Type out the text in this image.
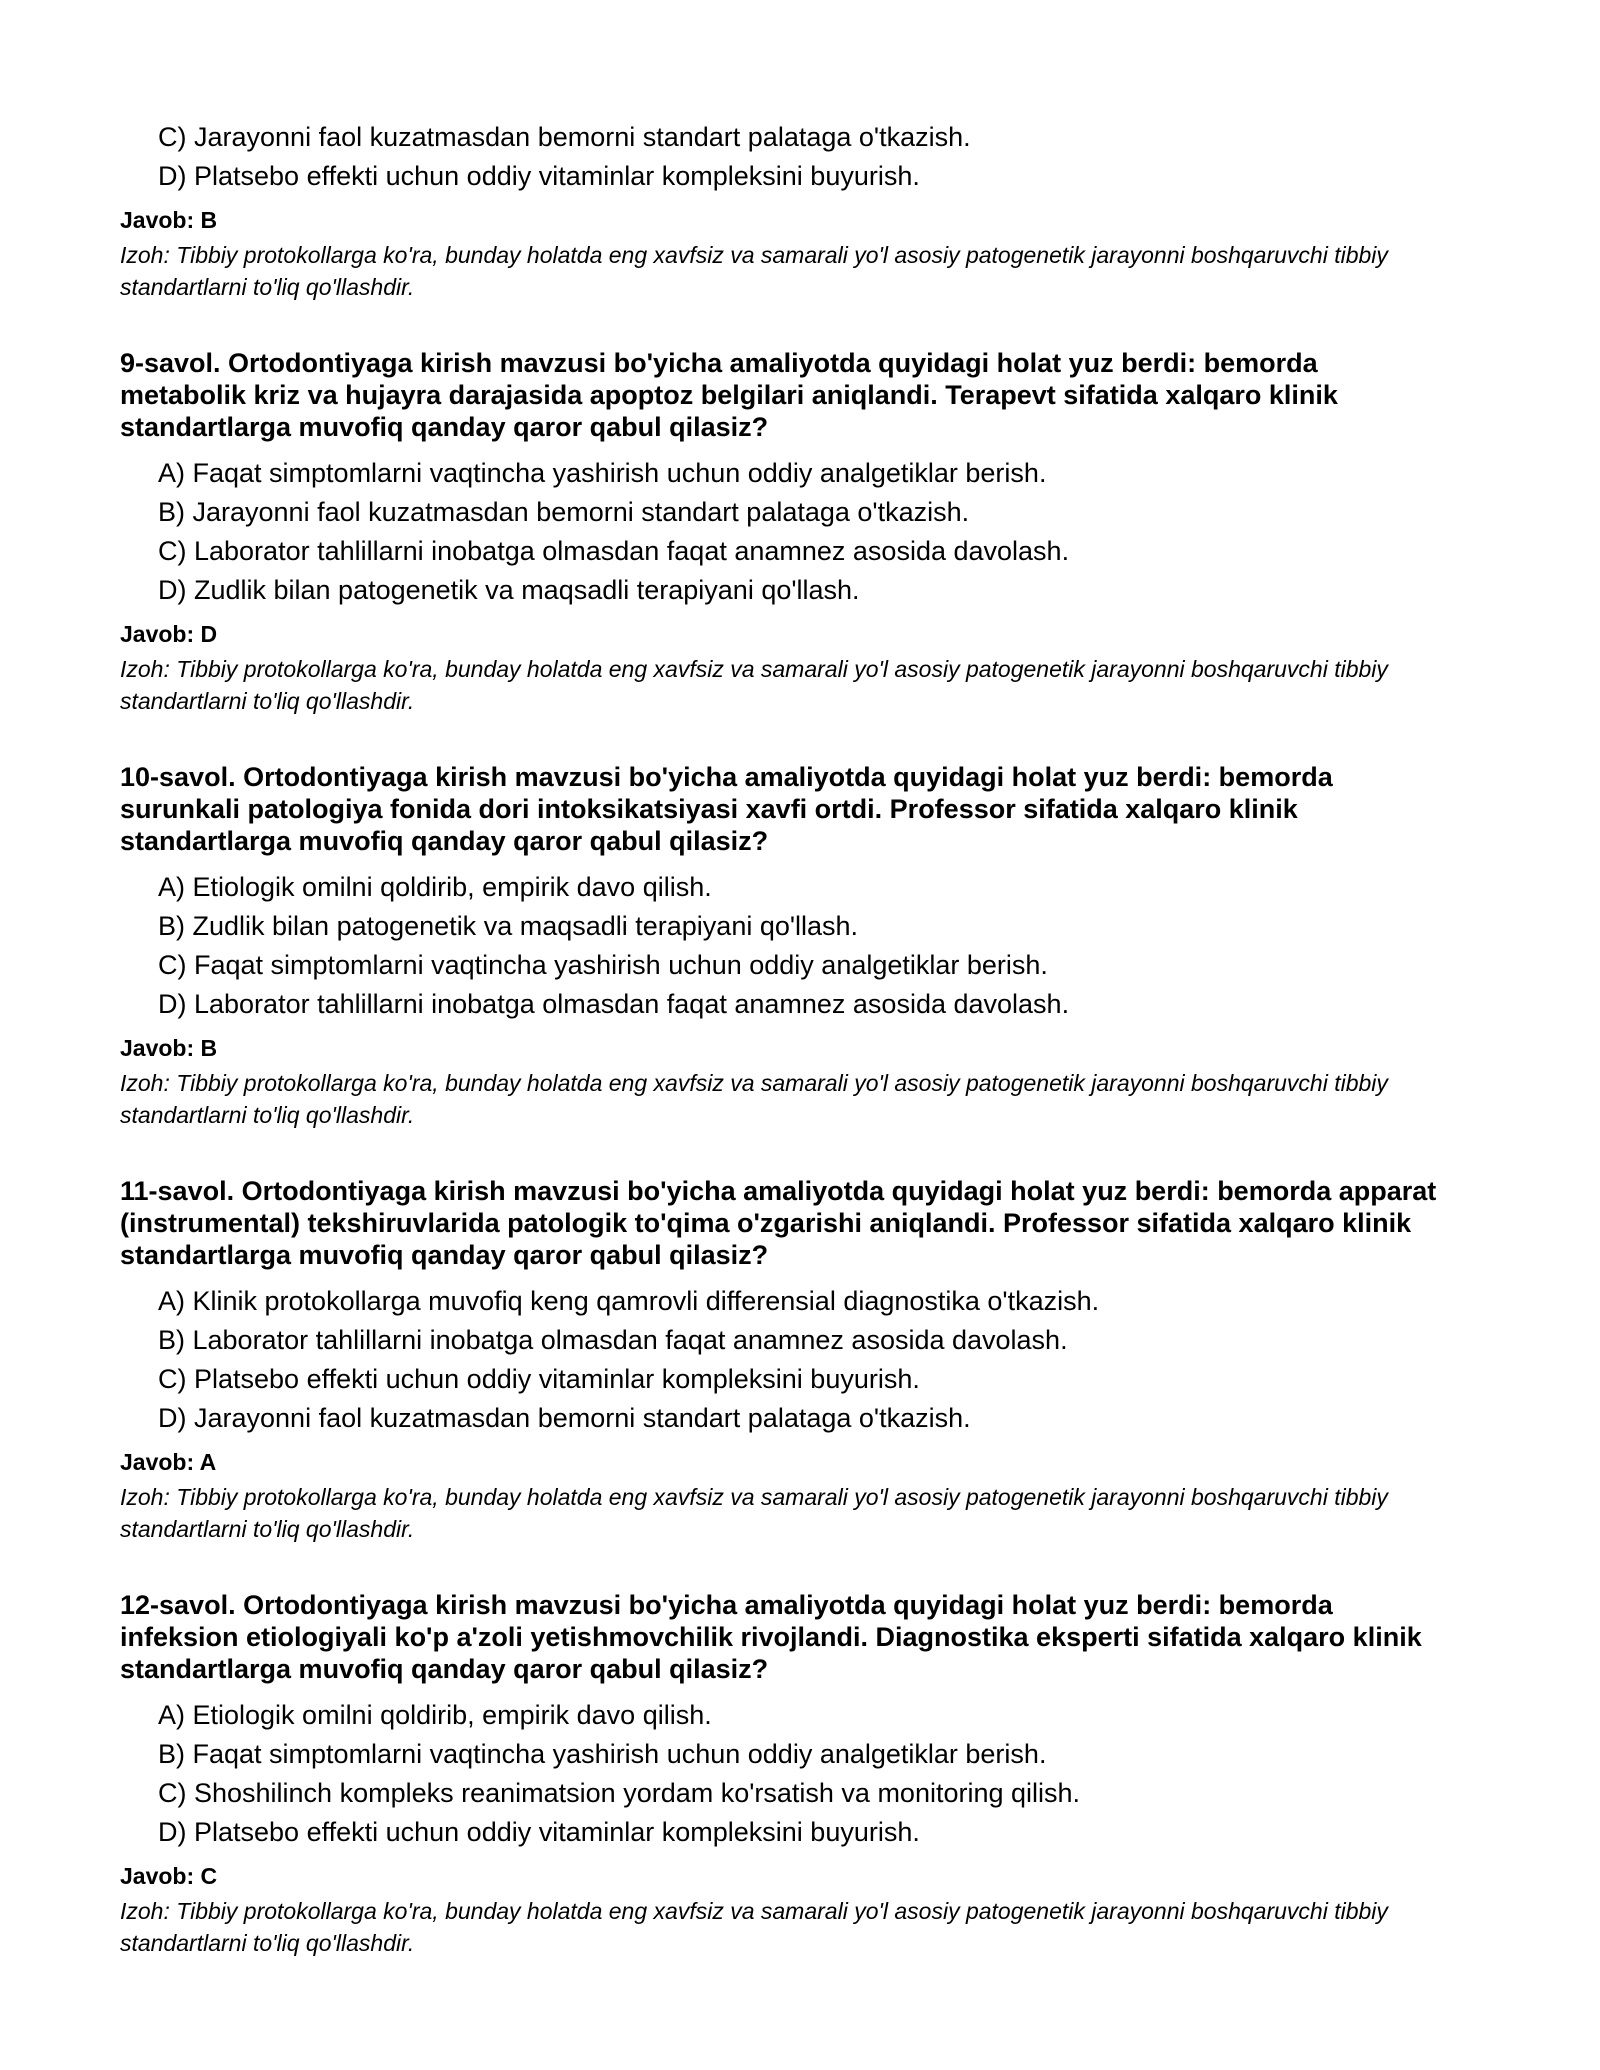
C) Jarayonni faol kuzatmasdan bemorni standart palataga o'tkazish.
D) Platsebo effekti uchun oddiy vitaminlar kompleksini buyurish.
Javob: B
Izoh: Tibbiy protokollarga ko'ra, bunday holatda eng xavfsiz va samarali yo'l asosiy patogenetik jarayonni boshqaruvchi tibbiy standartlarni to'liq qo'llashdir.
9-savol. Ortodontiyaga kirish mavzusi bo'yicha amaliyotda quyidagi holat yuz berdi: bemorda metabolik kriz va hujayra darajasida apoptoz belgilari aniqlandi. Terapevt sifatida xalqaro klinik standartlarga muvofiq qanday qaror qabul qilasiz?
A) Faqat simptomlarni vaqtincha yashirish uchun oddiy analgetiklar berish.
B) Jarayonni faol kuzatmasdan bemorni standart palataga o'tkazish.
C) Laborator tahlillarni inobatga olmasdan faqat anamnez asosida davolash.
D) Zudlik bilan patogenetik va maqsadli terapiyani qo'llash.
Javob: D
Izoh: Tibbiy protokollarga ko'ra, bunday holatda eng xavfsiz va samarali yo'l asosiy patogenetik jarayonni boshqaruvchi tibbiy standartlarni to'liq qo'llashdir.
10-savol. Ortodontiyaga kirish mavzusi bo'yicha amaliyotda quyidagi holat yuz berdi: bemorda surunkali patologiya fonida dori intoksikatsiyasi xavfi ortdi. Professor sifatida xalqaro klinik standartlarga muvofiq qanday qaror qabul qilasiz?
A) Etiologik omilni qoldirib, empirik davo qilish.
B) Zudlik bilan patogenetik va maqsadli terapiyani qo'llash.
C) Faqat simptomlarni vaqtincha yashirish uchun oddiy analgetiklar berish.
D) Laborator tahlillarni inobatga olmasdan faqat anamnez asosida davolash.
Javob: B
Izoh: Tibbiy protokollarga ko'ra, bunday holatda eng xavfsiz va samarali yo'l asosiy patogenetik jarayonni boshqaruvchi tibbiy standartlarni to'liq qo'llashdir.
11-savol. Ortodontiyaga kirish mavzusi bo'yicha amaliyotda quyidagi holat yuz berdi: bemorda apparat (instrumental) tekshiruvlarida patologik to'qima o'zgarishi aniqlandi. Professor sifatida xalqaro klinik standartlarga muvofiq qanday qaror qabul qilasiz?
A) Klinik protokollarga muvofiq keng qamrovli differensial diagnostika o'tkazish.
B) Laborator tahlillarni inobatga olmasdan faqat anamnez asosida davolash.
C) Platsebo effekti uchun oddiy vitaminlar kompleksini buyurish.
D) Jarayonni faol kuzatmasdan bemorni standart palataga o'tkazish.
Javob: A
Izoh: Tibbiy protokollarga ko'ra, bunday holatda eng xavfsiz va samarali yo'l asosiy patogenetik jarayonni boshqaruvchi tibbiy standartlarni to'liq qo'llashdir.
12-savol. Ortodontiyaga kirish mavzusi bo'yicha amaliyotda quyidagi holat yuz berdi: bemorda infeksion etiologiyali ko'p a'zoli yetishmovchilik rivojlandi. Diagnostika eksperti sifatida xalqaro klinik standartlarga muvofiq qanday qaror qabul qilasiz?
A) Etiologik omilni qoldirib, empirik davo qilish.
B) Faqat simptomlarni vaqtincha yashirish uchun oddiy analgetiklar berish.
C) Shoshilinch kompleks reanimatsion yordam ko'rsatish va monitoring qilish.
D) Platsebo effekti uchun oddiy vitaminlar kompleksini buyurish.
Javob: C
Izoh: Tibbiy protokollarga ko'ra, bunday holatda eng xavfsiz va samarali yo'l asosiy patogenetik jarayonni boshqaruvchi tibbiy standartlarni to'liq qo'llashdir.
